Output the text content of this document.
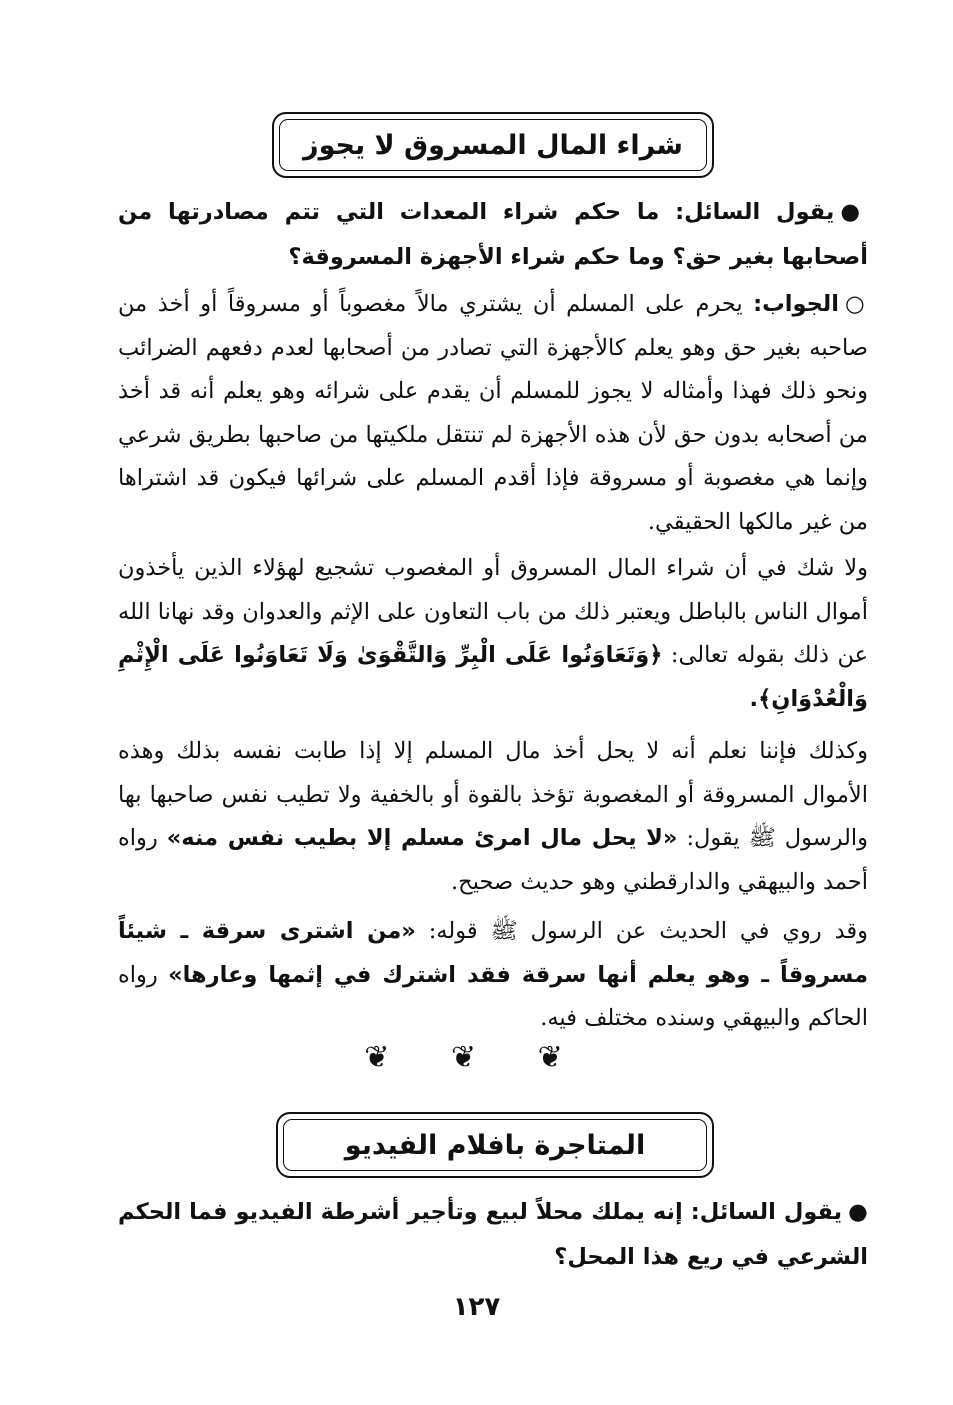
شراء المال المسروق لا يجوز
●يقول السائل: ما حكم شراء المعدات التي تتم مصادرتها من أصحابها بغير حق؟ وما حكم شراء الأجهزة المسروقة؟
○الجواب: يحرم على المسلم أن يشتري مالاً مغصوباً أو مسروقاً أو أخذ من صاحبه بغير حق وهو يعلم كالأجهزة التي تصادر من أصحابها لعدم دفعهم الضرائب ونحو ذلك فهذا وأمثاله لا يجوز للمسلم أن يقدم على شرائه وهو يعلم أنه قد أخذ من أصحابه بدون حق لأن هذه الأجهزة لم تنتقل ملكيتها من صاحبها بطريق شرعي وإنما هي مغصوبة أو مسروقة فإذا أقدم المسلم على شرائها فيكون قد اشتراها من غير مالكها الحقيقي.
ولا شك في أن شراء المال المسروق أو المغصوب تشجيع لهؤلاء الذين يأخذون أموال الناس بالباطل ويعتبر ذلك من باب التعاون على الإثم والعدوان وقد نهانا الله عن ذلك بقوله تعالى: ﴿وَتَعَاوَنُوا عَلَى الْبِرِّ وَالتَّقْوَىٰ وَلَا تَعَاوَنُوا عَلَى الْإِثْمِ وَالْعُدْوَانِ﴾.
وكذلك فإننا نعلم أنه لا يحل أخذ مال المسلم إلا إذا طابت نفسه بذلك وهذه الأموال المسروقة أو المغصوبة تؤخذ بالقوة أو بالخفية ولا تطيب نفس صاحبها بها والرسول ﷺ يقول: «لا يحل مال امرئ مسلم إلا بطيب نفس منه» رواه أحمد والبيهقي والدارقطني وهو حديث صحيح.
وقد روي في الحديث عن الرسول ﷺ قوله: «من اشترى سرقة ـ شيئاً مسروقاً ـ وهو يعلم أنها سرقة فقد اشترك في إثمها وعارها» رواه الحاكم والبيهقي وسنده مختلف فيه.
❦ ❦ ❦
المتاجرة بافلام الفيديو
●يقول السائل: إنه يملك محلاً لبيع وتأجير أشرطة الفيديو فما الحكم الشرعي في ريع هذا المحل؟
١٢٧
